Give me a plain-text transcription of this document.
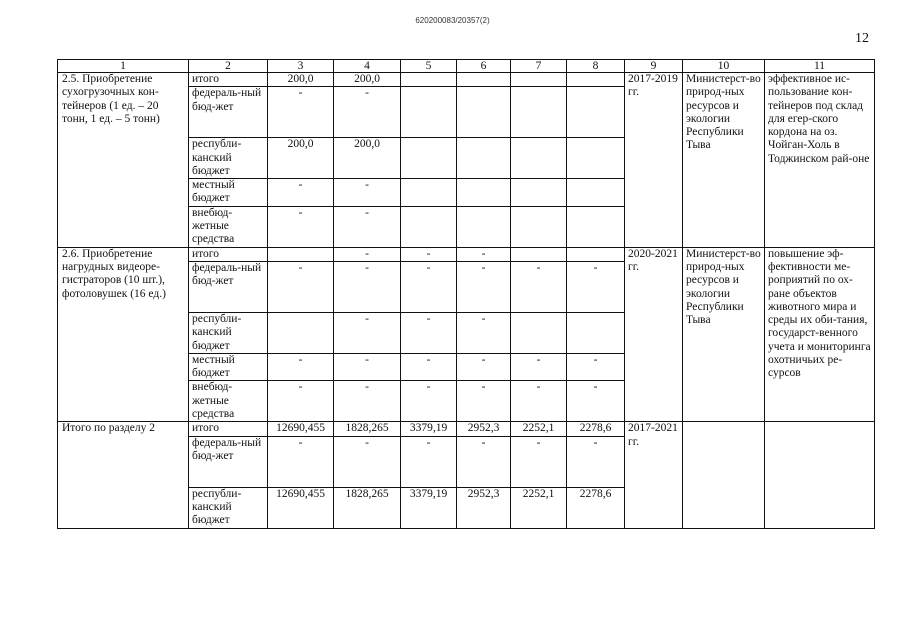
620200083/20357(2)
12
1	2	3	4	5	6	7	8	9	10	11
2.5. Приобретение сухогрузочных кон-тейнеров (1 ед. – 20 тонн, 1 ед. – 5 тонн)	итого	200,0	200,0					2017-2019 гг.	Министерст-во природ-ных ресурсов и экологии Республики Тыва	эффективное ис-пользование кон-тейнеров под склад для егер-ского кордона на оз. Чойган-Холь в Тоджинском рай-оне
	федераль-ный бюд-жет	-	-							
	республи-канский бюджет	200,0	200,0							
	местный бюджет	-	-							
	внебюд-жетные средства	-	-							
2.6. Приобретение нагрудных видеоре-гистраторов (10 шт.), фотоловушек (16 ед.)	итого		-	-	-			2020-2021 гг.	Министерст-во природ-ных ресурсов и экологии Республики Тыва	повышение эф-фективности ме-роприятий по ох-ране объектов животного мира и среды их оби-тания, государст-венного учета и мониторинга охотничьих ре-сурсов
	федераль-ный бюд-жет	-	-	-	-	-	-			
	республи-канский бюджет		-	-	-					
	местный бюджет	-	-	-	-	-	-			
	внебюд-жетные средства	-	-	-	-	-	-			
Итого по разделу 2	итого	12690,455	1828,265	3379,19	2952,3	2252,1	2278,6	2017-2021 гг.		
	федераль-ный бюд-жет	-	-	-	-	-	-			
	республи-канский бюджет	12690,455	1828,265	3379,19	2952,3	2252,1	2278,6			
